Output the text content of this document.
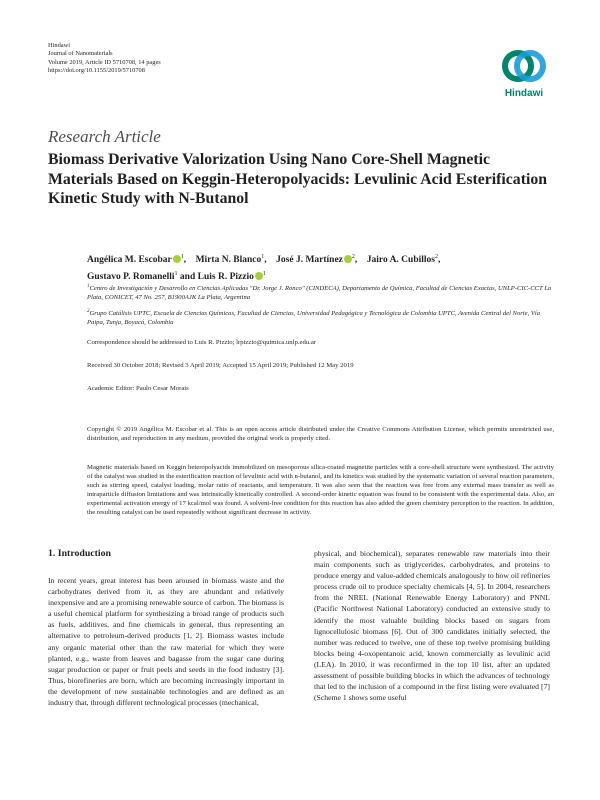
Hindawi
Journal of Nanomaterials
Volume 2019, Article ID 5710708, 14 pages
https://doi.org/10.1155/2019/5710708
Hindawi
Research Article
Biomass Derivative Valorization Using Nano Core-Shell Magnetic Materials Based on Keggin-Heteropolyacids: Levulinic Acid Esterification Kinetic Study with N-Butanol
Angélica M. Escobar $^1$, Mirta N. Blanco$^1$, José J. Martínez $^2$, Jairo A. Cubillos$^2$, 
Gustavo P. Romanelli$^1$ and Luis R. Pizzio $^1$
$^1$Centro de Investigación y Desarrollo en Ciencias Aplicadas "Dr. Jorge J. Ronco" (CINDECA), Departamento de Química, Facultad de Ciencias Exactas, UNLP-CIC-CCT La Plata, CONICET, 47 No. 257, B1900AJK La Plata, Argentina
$^2$Grupo Catálisis UPTC, Escuela de Ciencias Químicas, Facultad de Ciencias, Universidad Pedagógica y Tecnológica de Colombia UPTC, Avenida Central del Norte, Vía Paipa, Tunja, Boyacá, Colombia
Correspondence should be addressed to Luis R. Pizzio; lrpizzio@quimica.unlp.edu.ar
Received 30 October 2018; Revised 3 April 2019; Accepted 15 April 2019; Published 12 May 2019
Academic Editor: Paulo Cesar Morais
Copyright © 2019 Angélica M. Escobar et al. This is an open access article distributed under the Creative Commons Attribution License, which permits unrestricted use, distribution, and reproduction in any medium, provided the original work is properly cited.
Magnetic materials based on Keggin heteropolyacids immobilized on mesoporous silica-coated magnetite particles with a core-shell structure were synthesized. The activity of the catalyst was studied in the esterification reaction of levulinic acid with n-butanol, and its kinetics was studied by the systematic variation of several reaction parameters, such as stirring speed, catalyst loading, molar ratio of reactants, and temperature. It was also seen that the reaction was free from any external mass transfer as well as intraparticle diffusion limitations and was intrinsically kinetically controlled. A second-order kinetic equation was found to be consistent with the experimental data. Also, an experimental activation energy of 17 kcal/mol was found. A solvent-free condition for this reaction has also added the green chemistry perception to the reaction. In addition, the resulting catalyst can be used repeatedly without significant decrease in activity.
1. Introduction

In recent years, great interest has been aroused in biomass waste and the carbohydrates derived from it, as they are abundant and relatively inexpensive and are a promising renewable source of carbon. The biomass is a useful chemical platform for synthesizing a broad range of products such as fuels, additives, and fine chemicals in general, thus representing an alternative to petroleum-derived products [1, 2]. Biomass wastes include any organic material other than the raw material for which they were planted, e.g., waste from leaves and bagasse from the sugar cane during sugar production or paper or fruit peels and seeds in the food industry [3]. Thus, biorefineries are born, which are becoming increasingly important in the development of new sustainable technologies and are defined as an industry that, through different technological processes (mechanical,

physical, and biochemical), separates renewable raw materials into their main components such as triglycerides, carbohydrates, and proteins to produce energy and value-added chemicals analogously to how oil refineries process crude oil to produce specialty chemicals [4, 5]. In 2004, researchers from the NREL (National Renewable Energy Laboratory) and PNNL (Pacific Northwest National Laboratory) conducted an extensive study to identify the most valuable building blocks based on sugars from lignocellulosic biomass [6]. Out of 300 candidates initially selected, the number was reduced to twelve, one of these top twelve promising building blocks being 4-oxopentanoic acid, known commercially as levulinic acid (LEA). In 2010, it was reconfirmed in the top 10 list, after an updated assessment of possible building blocks in which the advances of technology that led to the inclusion of a compound in the first listing were evaluated [7] (Scheme 1 shows some useful
